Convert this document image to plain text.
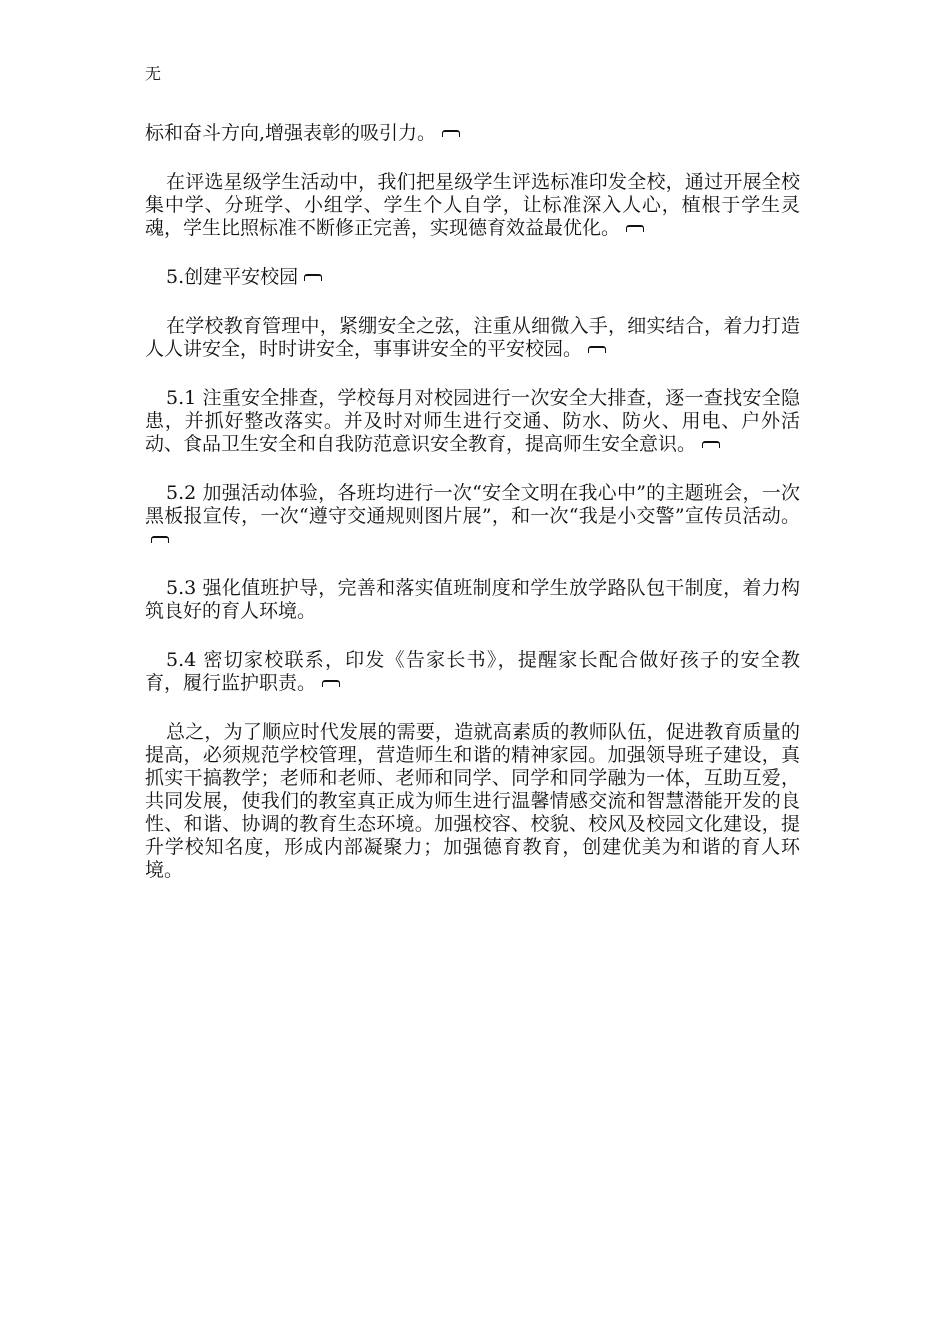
无

标和奋斗方向,增强表彰的吸引力。

在评选星级学生活动中，我们把星级学生评选标准印发全校，通过开展全校集中学、分班学、小组学、学生个人自学，让标准深入人心，植根于学生灵魂，学生比照标准不断修正完善，实现德育效益最优化。

5.创建平安校园

在学校教育管理中，紧绷安全之弦，注重从细微入手，细实结合，着力打造人人讲安全，时时讲安全，事事讲安全的平安校园。

5.1 注重安全排查，学校每月对校园进行一次安全大排查，逐一查找安全隐患，并抓好整改落实。并及时对师生进行交通、防水、防火、用电、户外活动、食品卫生安全和自我防范意识安全教育，提高师生安全意识。

5.2 加强活动体验，各班均进行一次“安全文明在我心中”的主题班会，一次黑板报宣传，一次“遵守交通规则图片展”，和一次“我是小交警”宣传员活动。

5.3 强化值班护导，完善和落实值班制度和学生放学路队包干制度，着力构筑良好的育人环境。

5.4 密切家校联系，印发《告家长书》，提醒家长配合做好孩子的安全教育，履行监护职责。

总之，为了顺应时代发展的需要，造就高素质的教师队伍，促进教育质量的提高，必须规范学校管理，营造师生和谐的精神家园。加强领导班子建设，真抓实干搞教学；老师和老师、老师和同学、同学和同学融为一体，互助互爱，共同发展，使我们的教室真正成为师生进行温馨情感交流和智慧潜能开发的良性、和谐、协调的教育生态环境。加强校容、校貌、校风及校园文化建设，提升学校知名度，形成内部凝聚力；加强德育教育，创建优美为和谐的育人环境。
